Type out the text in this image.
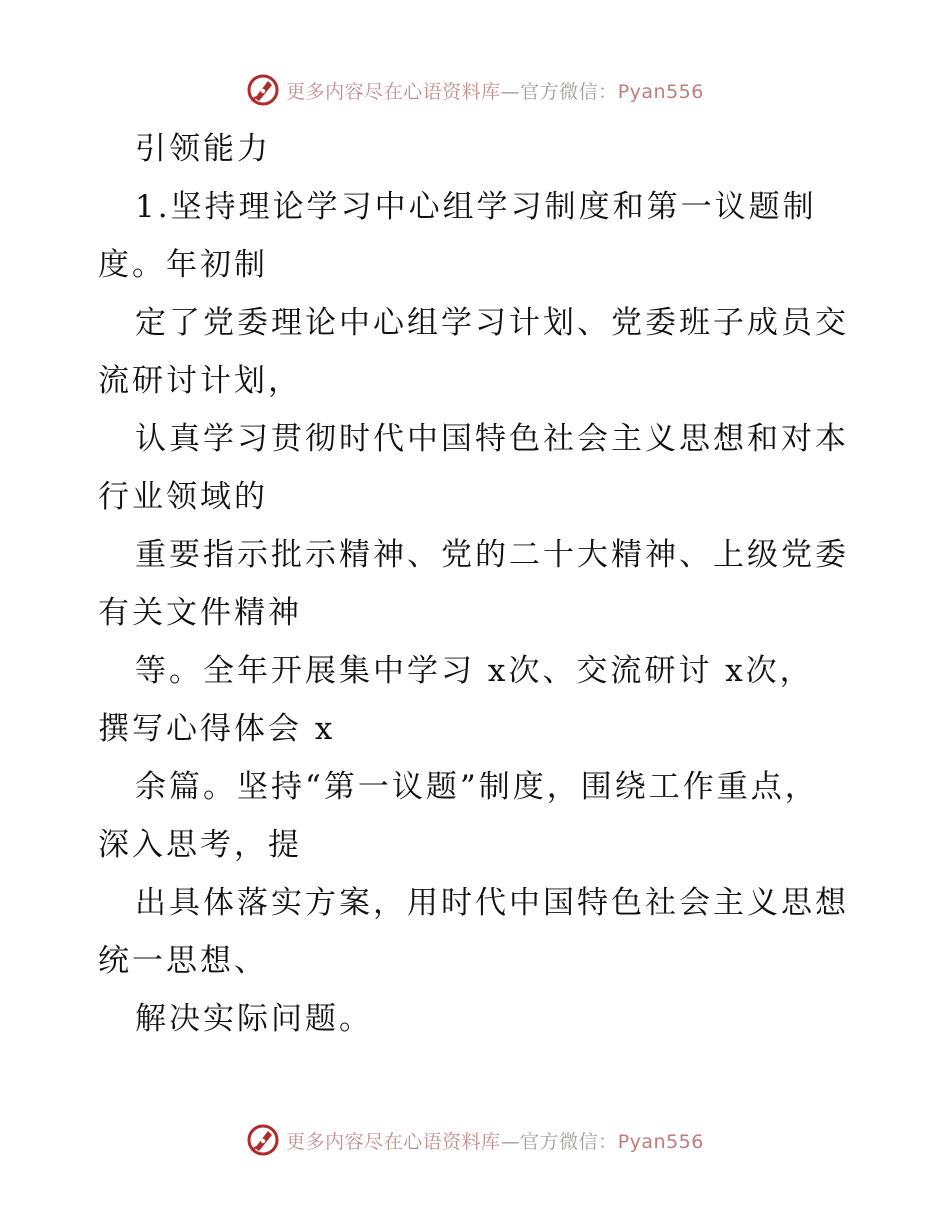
更多内容尽在心语资料库—官方微信：Pyan556
引领能力
1.坚持理论学习中心组学习制度和第一议题制
度。年初制
定了党委理论中心组学习计划、党委班子成员交
流研讨计划，
认真学习贯彻时代中国特色社会主义思想和对本
行业领域的
重要指示批示精神、党的二十大精神、上级党委
有关文件精神
等。全年开展集中学习 x次、交流研讨 x次，
撰写心得体会 x
余篇。坚持“第一议题”制度，围绕工作重点，
深入思考，提
出具体落实方案，用时代中国特色社会主义思想
统一思想、
解决实际问题。
更多内容尽在心语资料库—官方微信：Pyan556
